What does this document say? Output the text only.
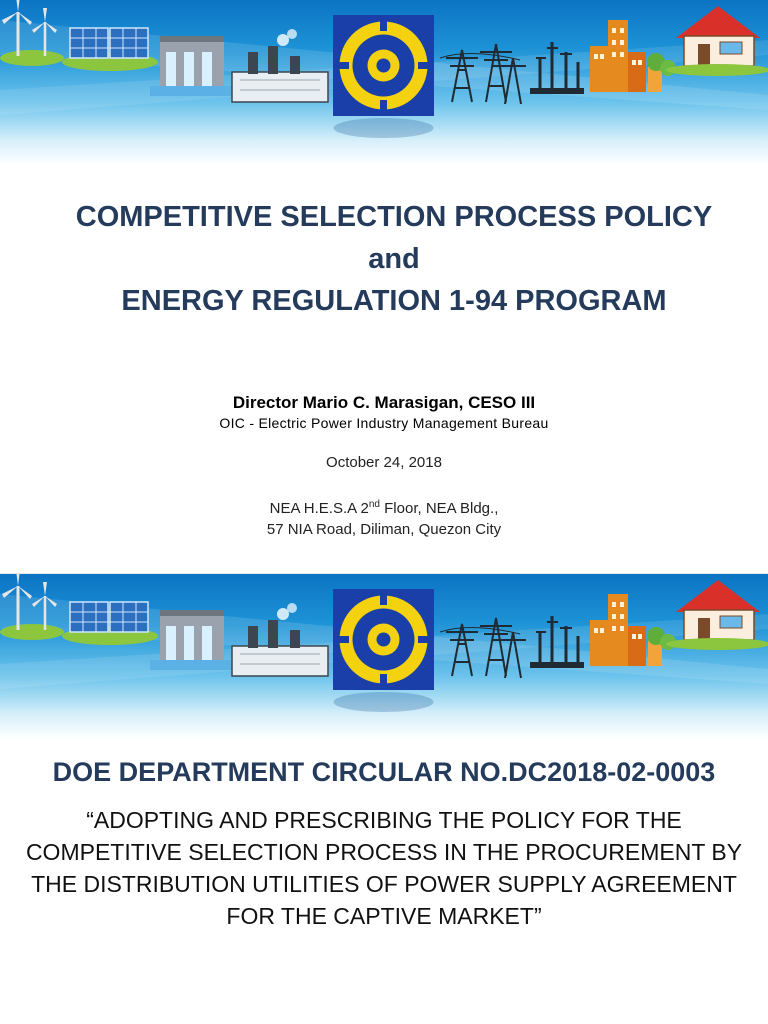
COMPETITIVE SELECTION PROCESS POLICY
and
ENERGY REGULATION 1-94 PROGRAM
Director Mario C. Marasigan, CESO III
OIC - Electric Power Industry Management Bureau
October 24, 2018
NEA H.E.S.A 2nd Floor, NEA Bldg.,
57 NIA Road, Diliman, Quezon City
DOE DEPARTMENT CIRCULAR NO.DC2018-02-0003

“ADOPTING AND PRESCRIBING THE POLICY FOR THE COMPETITIVE SELECTION PROCESS IN THE PROCUREMENT BY THE DISTRIBUTION UTILITIES OF POWER SUPPLY AGREEMENT FOR THE CAPTIVE MARKET”
